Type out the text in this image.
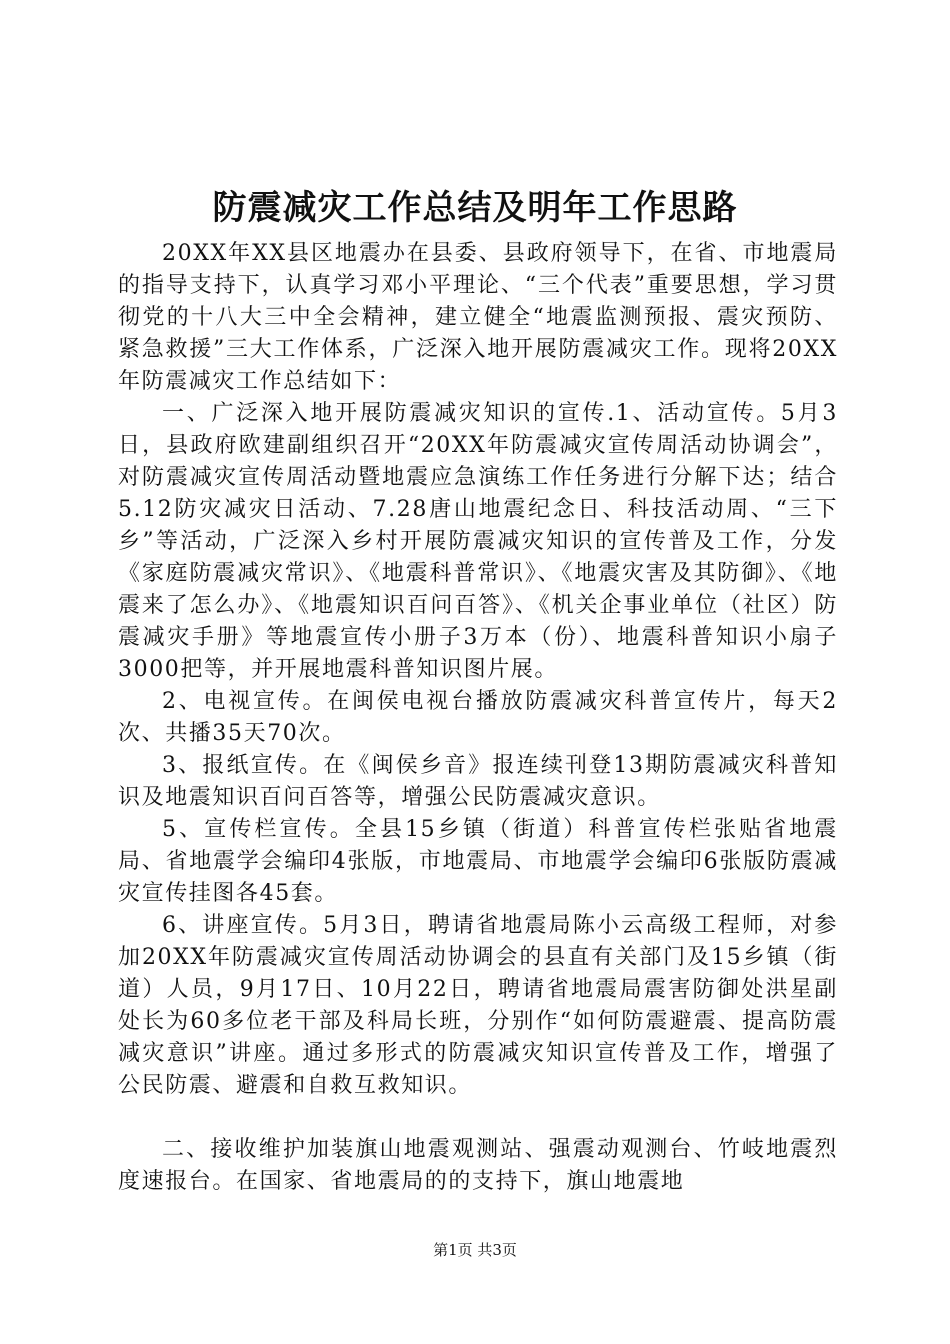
防震减灾工作总结及明年工作思路

20XX年XX县区地震办在县委、县政府领导下，在省、市地震局的指导支持下，认真学习邓小平理论、“三个代表”重要思想，学习贯彻党的十八大三中全会精神，建立健全“地震监测预报、震灾预防、紧急救援”三大工作体系，广泛深入地开展防震减灾工作。现将20XX年防震减灾工作总结如下：

一、广泛深入地开展防震减灾知识的宣传.1、活动宣传。5月3日，县政府欧建副组织召开“20XX年防震减灾宣传周活动协调会”，对防震减灾宣传周活动暨地震应急演练工作任务进行分解下达；结合5.12防灾减灾日活动、7.28唐山地震纪念日、科技活动周、“三下乡”等活动，广泛深入乡村开展防震减灾知识的宣传普及工作，分发《家庭防震减灾常识》、《地震科普常识》、《地震灾害及其防御》、《地震来了怎么办》、《地震知识百问百答》、《机关企事业单位（社区）防震减灾手册》等地震宣传小册子3万本（份）、地震科普知识小扇子3000把等，并开展地震科普知识图片展。

2、电视宣传。在闽侯电视台播放防震减灾科普宣传片，每天2次、共播35天70次。

3、报纸宣传。在《闽侯乡音》报连续刊登13期防震减灾科普知识及地震知识百问百答等，增强公民防震减灾意识。

5、宣传栏宣传。全县15乡镇（街道）科普宣传栏张贴省地震局、省地震学会编印4张版，市地震局、市地震学会编印6张版防震减灾宣传挂图各45套。

6、讲座宣传。5月3日，聘请省地震局陈小云高级工程师，对参加20XX年防震减灾宣传周活动协调会的县直有关部门及15乡镇（街道）人员，9月17日、10月22日，聘请省地震局震害防御处洪星副处长为60多位老干部及科局长班，分别作“如何防震避震、提高防震减灾意识”讲座。通过多形式的防震减灾知识宣传普及工作，增强了公民防震、避震和自救互救知识。

二、接收维护加装旗山地震观测站、强震动观测台、竹岐地震烈度速报台。在国家、省地震局的的支持下，旗山地震地

第1页 共3页
